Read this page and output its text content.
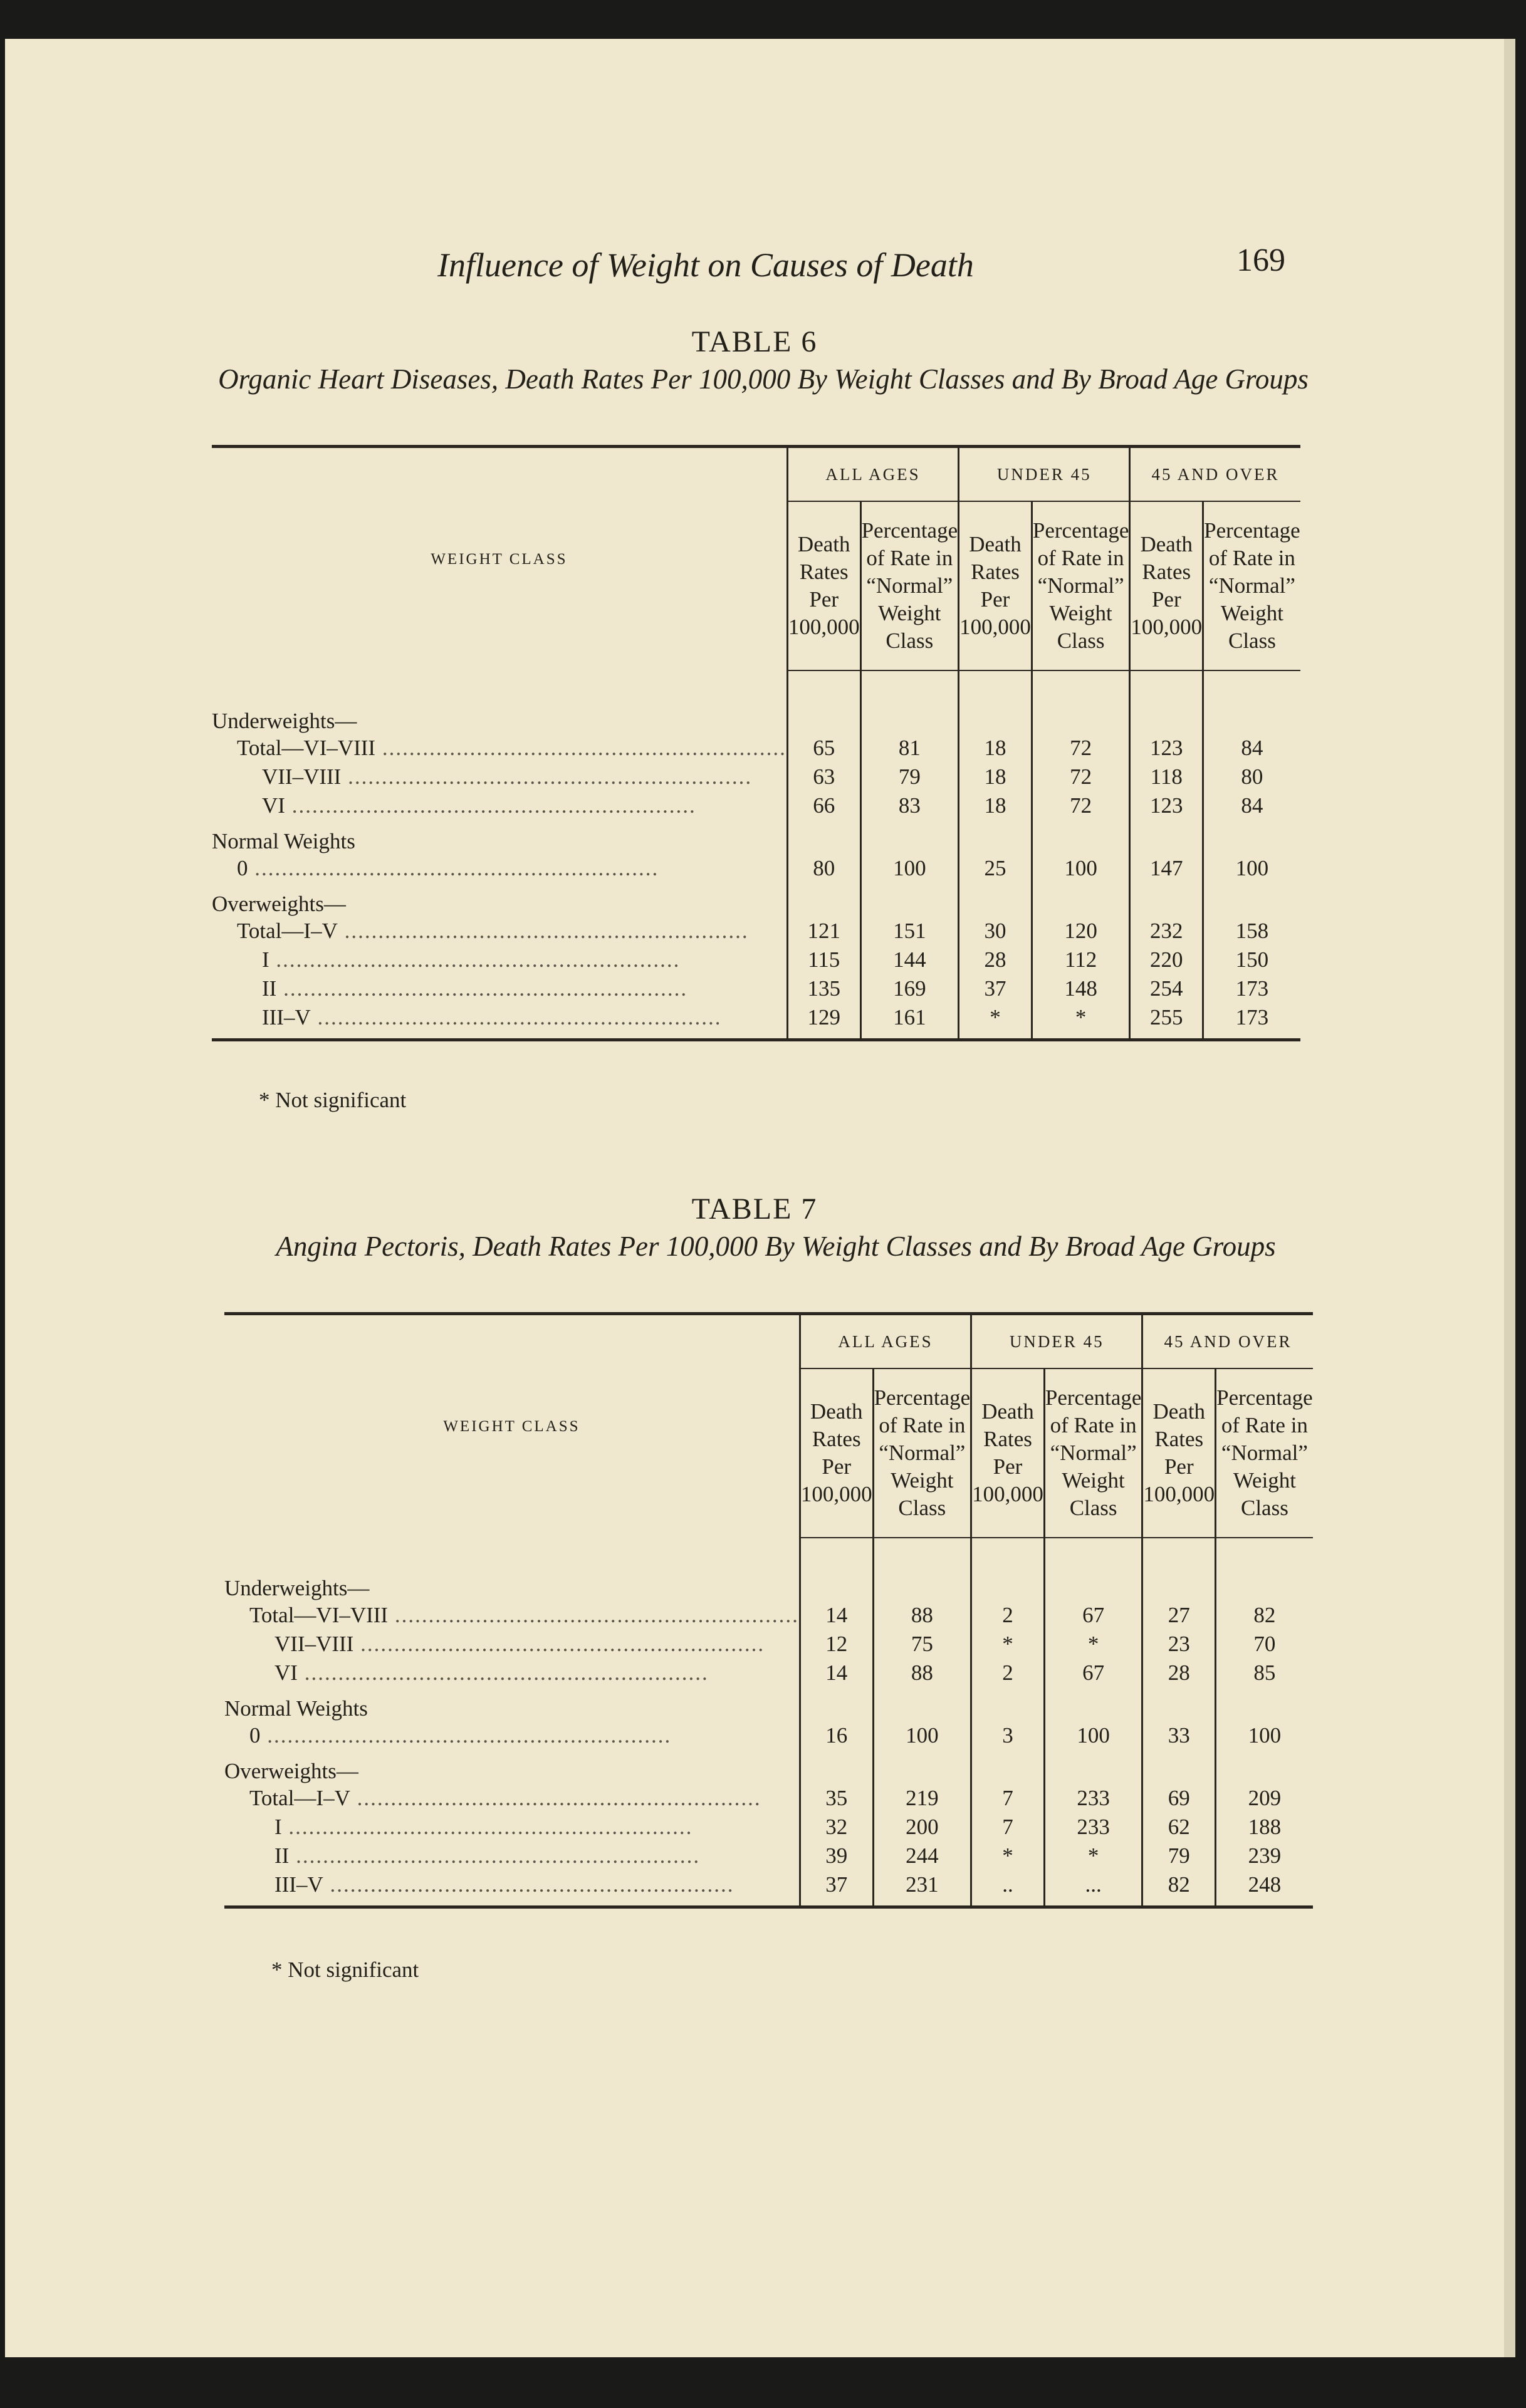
Influence of Weight on Causes of Death	169
TABLE 6
Organic Heart Diseases, Death Rates Per 100,000 By Weight Classes and By Broad Age Groups
WEIGHT CLASS	ALL AGES		UNDER 45		45 AND OVER	
	Death Rates Per 100,000	Percentage of Rate in “Normal” Weight Class	Death Rates Per 100,000	Percentage of Rate in “Normal” Weight Class	Death Rates Per 100,000	Percentage of Rate in “Normal” Weight Class

Underweights—						
Total—VI–VIII ............................................................	65	81	18	72	123	84
VII–VIII ............................................................	63	79	18	72	118	80
VI ............................................................	66	83	18	72	123	84
Normal Weights						
0 ............................................................	80	100	25	100	147	100
Overweights—						
Total—I–V ............................................................	121	151	30	120	232	158
I ............................................................	115	144	28	112	220	150
II ............................................................	135	169	37	148	254	173
III–V ............................................................	129	161	*	*	255	173
* Not significant
TABLE 7
Angina Pectoris, Death Rates Per 100,000 By Weight Classes and By Broad Age Groups
WEIGHT CLASS	ALL AGES		UNDER 45		45 AND OVER	
	Death Rates Per 100,000	Percentage of Rate in “Normal” Weight Class	Death Rates Per 100,000	Percentage of Rate in “Normal” Weight Class	Death Rates Per 100,000	Percentage of Rate in “Normal” Weight Class

Underweights—						
Total—VI–VIII ............................................................	14	88	2	67	27	82
VII–VIII ............................................................	12	75	*	*	23	70
VI ............................................................	14	88	2	67	28	85
Normal Weights						
0 ............................................................	16	100	3	100	33	100
Overweights—						
Total—I–V ............................................................	35	219	7	233	69	209
I ............................................................	32	200	7	233	62	188
II ............................................................	39	244	*	*	79	239
III–V ............................................................	37	231	..	...	82	248
* Not significant
